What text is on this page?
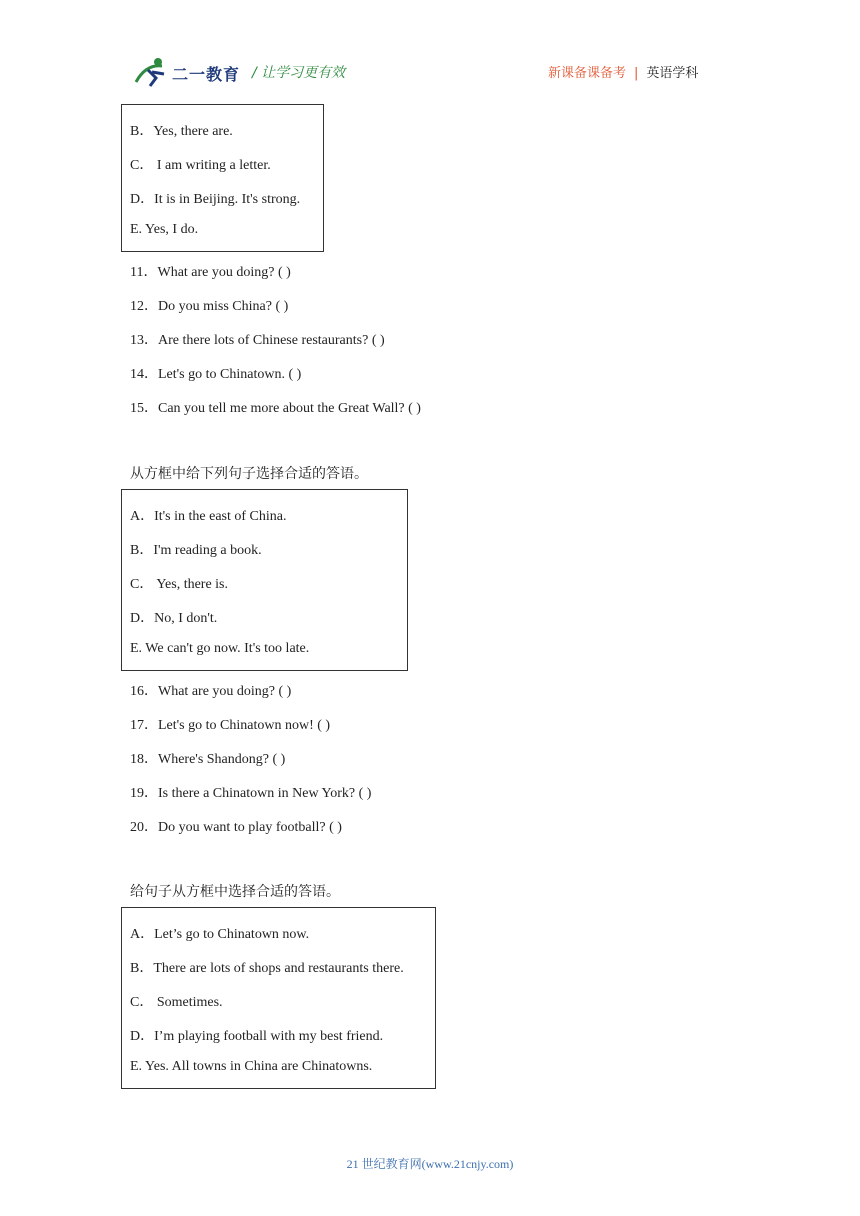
二一教育 / 让学习更有效	新课备课备考 | 英语学科
B．Yes, there are.
C． I am writing a letter.
D．It is in Beijing. It's strong.
E. Yes, I do.
11．What are you doing? ( )
12．Do you miss China? ( )
13．Are there lots of Chinese restaurants? ( )
14．Let's go to Chinatown. ( )
15．Can you tell me more about the Great Wall? ( )
从方框中给下列句子选择合适的答语。
A．It's in the east of China.
B．I'm reading a book.
C． Yes, there is.
D．No, I don't.
E. We can't go now. It's too late.
16．What are you doing? ( )
17．Let's go to Chinatown now! ( )
18．Where's Shandong? ( )
19．Is there a Chinatown in New York? ( )
20．Do you want to play football? ( )
给句子从方框中选择合适的答语。
A．Let’s go to Chinatown now.
B．There are lots of shops and restaurants there.
C． Sometimes.
D．I’m playing football with my best friend.
E. Yes. All towns in China are Chinatowns.
21 世纪教育网(www.21cnjy.com)
